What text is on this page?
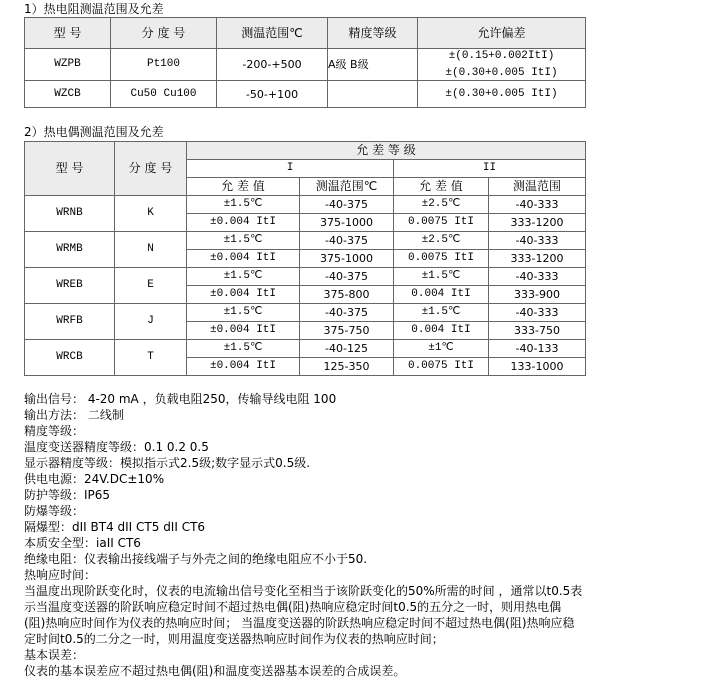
1）热电阻测温范围及允差
型 号	分 度 号	测温范围℃	精度等级	允许偏差
WZPB	Pt100	-200-+500	A级 B级	±(0.15+0.002ItI)
±(0.30+0.005 ItI)

WZCB	Cu50 Cu100	-50-+100		±(0.30+0.005 ItI)
2）热电偶测温范围及允差
型 号	分 度 号	允 差 等 级			
		I		II	
		允 差 值	测温范围℃	允 差 值	测温范围
WRNB	K	±1.5℃	-40-375	±2.5℃	-40-333
		±0.004 ItI	375-1000	0.0075 ItI	333-1200
WRMB	N	±1.5℃	-40-375	±2.5℃	-40-333
		±0.004 ItI	375-1000	0.0075 ItI	333-1200
WREB	E	±1.5℃	-40-375	±1.5℃	-40-333
		±0.004 ItI	375-800	0.004 ItI	333-900
WRFB	J	±1.5℃	-40-375	±1.5℃	-40-333
		±0.004 ItI	375-750	0.004 ItI	333-750
WRCB	T	±1.5℃	-40-125	±1℃	-40-133
		±0.004 ItI	125-350	0.0075 ItI	133-1000
输出信号： 4-20 mA ，负载电阻250，传输导线电阻 100
输出方法： 二线制
精度等级：
温度变送器精度等级：0.1 0.2 0.5
显示器精度等级：模拟指示式2.5级;数字显示式0.5级.
供电电源：24V.DC±10%
防护等级：IP65
防爆等级：
隔爆型：dII BT4 dII CT5 dII CT6
本质安全型：iaII CT6
绝缘电阻：仪表输出接线端子与外壳之间的绝缘电阻应不小于50.
热响应时间：
当温度出现阶跃变化时，仪表的电流输出信号变化至相当于该阶跃变化的50%所需的时间 ，通常以t0.5表
示当温度变送器的阶跃响应稳定时间不超过热电偶(阻)热响应稳定时间t0.5的五分之一时，则用热电偶
(阻)热响应时间作为仪表的热响应时间； 当温度变送器的阶跃热响应稳定时间不超过热电偶(阻)热响应稳
定时间t0.5的二分之一时，则用温度变送器热响应时间作为仪表的热响应时间；
基本误差：
仪表的基本误差应不超过热电偶(阻)和温度变送器基本误差的合成误差。
